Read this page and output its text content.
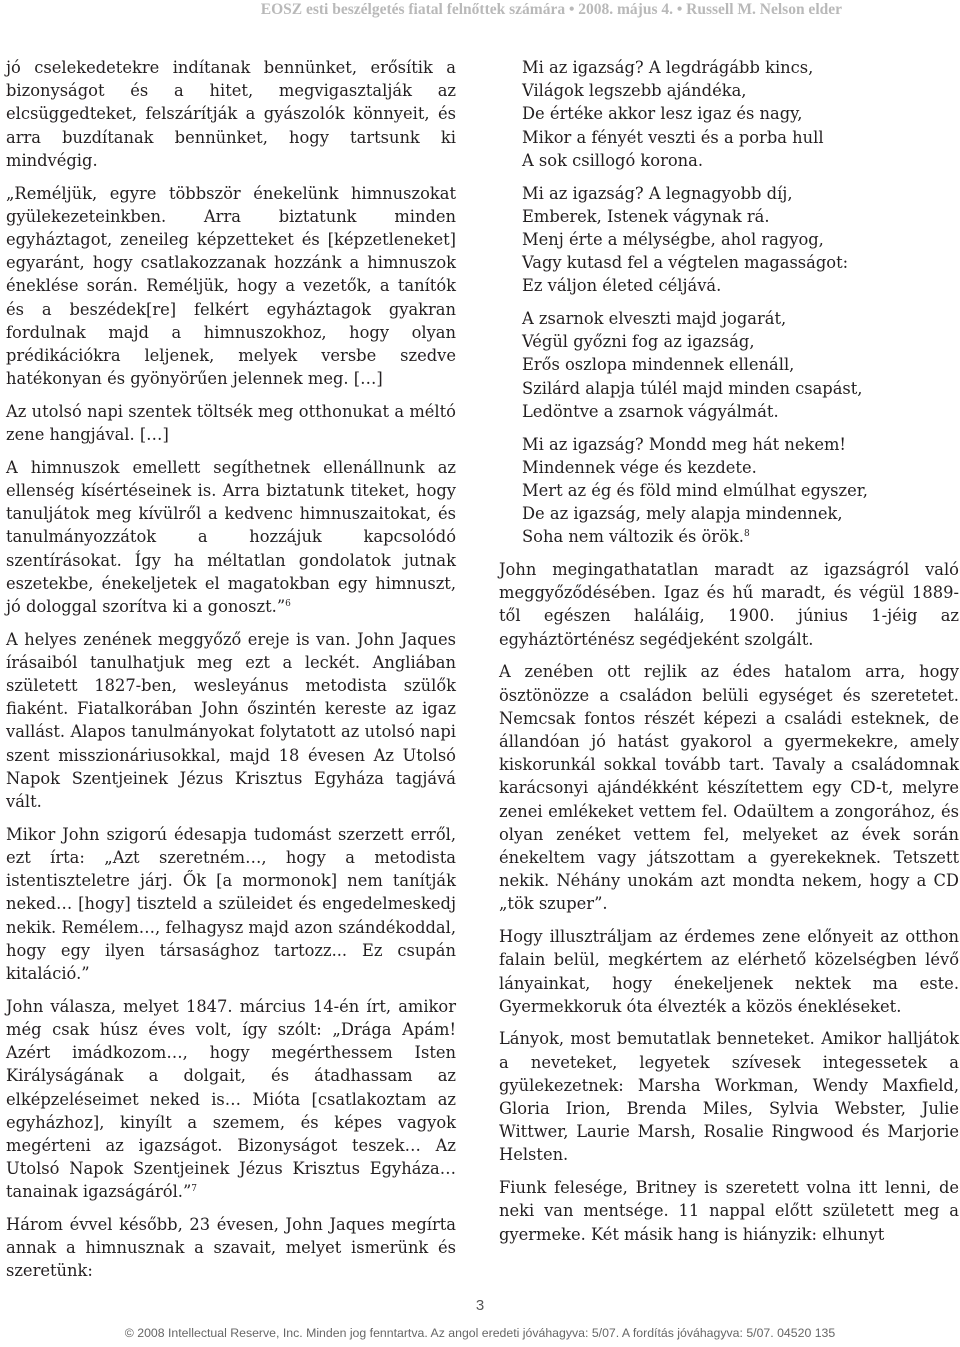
EOSZ esti beszélgetés fiatal felnőttek számára • 2008. május 4. • Russell M. Nelson elder

jó cselekedetekre indítanak bennünket, erősítik a bizonyságot és a hitet, megvigasztalják az elcsüggedteket, felszárítják a gyászolók könnyeit, és arra buzdítanak bennünket, hogy tartsunk ki mindvégig.

„Reméljük, egyre többször énekelünk himnuszokat gyülekezeteinkben. Arra biztatunk minden egyháztagot, zeneileg képzetteket és [képzetleneket] egyaránt, hogy csatlakozzanak hozzánk a himnuszok éneklése során. Reméljük, hogy a vezetők, a tanítók és a beszédek[re] felkért egyháztagok gyakran fordulnak majd a himnuszokhoz, hogy olyan prédikációkra leljenek, melyek versbe szedve hatékonyan és gyönyörűen jelennek meg. […]

Az utolsó napi szentek töltsék meg otthonukat a méltó zene hangjával. […]

A himnuszok emellett segíthetnek ellenállnunk az ellenség kísértéseinek is. Arra biztatunk titeket, hogy tanuljátok meg kívülről a kedvenc himnuszaitokat, és tanulmányozzátok a hozzájuk kapcsolódó szentírásokat. Így ha méltatlan gondolatok jutnak eszetekbe, énekeljetek el magatokban egy himnuszt, jó dologgal szorítva ki a gonoszt.”$^6$

A helyes zenének meggyőző ereje is van. John Jaques írásaiból tanulhatjuk meg ezt a leckét. Angliában született 1827-ben, wesleyánus metodista szülők fiaként. Fiatalkorában John őszintén kereste az igaz vallást. Alapos tanulmányokat folytatott az utolsó napi szent misszionáriusokkal, majd 18 évesen Az Utolsó Napok Szentjeinek Jézus Krisztus Egyháza tagjává vált.

Mikor John szigorú édesapja tudomást szerzett erről, ezt írta: „Azt szeretném…, hogy a metodista istentiszteletre járj. Ők [a mormonok] nem tanítják neked… [hogy] tiszteld a szüleidet és engedelmeskedj nekik. Remélem…, felhagysz majd azon szándékoddal, hogy egy ilyen társasághoz tartozz... Ez csupán kitaláció.”

John válasza, melyet 1847. március 14-én írt, amikor még csak húsz éves volt, így szólt: „Drága Apám! Azért imádkozom…, hogy megérthessem Isten Királyságának a dolgait, és átadhassam az elképzeléseimet neked is… Mióta [csatlakoztam az egyházhoz], kinyílt a szemem, és képes vagyok megérteni az igazságot. Bizonyságot teszek… Az Utolsó Napok Szentjeinek Jézus Krisztus Egyháza… tanainak igazságáról.”$^7$

Három évvel később, 23 évesen, John Jaques megírta annak a himnusznak a szavait, melyet ismerünk és szeretünk:

Mi az igazság? A legdrágább kincs,
Világok legszebb ajándéka,
De értéke akkor lesz igaz és nagy,
Mikor a fényét veszti és a porba hull
A sok csillogó korona.
Mi az igazság? A legnagyobb díj,
Emberek, Istenek vágynak rá.
Menj érte a mélységbe, ahol ragyog,
Vagy kutasd fel a végtelen magasságot:
Ez váljon életed céljává.
A zsarnok elveszti majd jogarát,
Végül győzni fog az igazság,
Erős oszlopa mindennek ellenáll,
Szilárd alapja túlél majd minden csapást,
Ledöntve a zsarnok vágyálmát.
Mi az igazság? Mondd meg hát nekem!
Mindennek vége és kezdete.
Mert az ég és föld mind elmúlhat egyszer,
De az igazság, mely alapja mindennek,
Soha nem változik és örök.$^8$

John megingathatatlan maradt az igazságról való meggyőződésében. Igaz és hű maradt, és végül 1889-től egészen haláláig, 1900. június 1-jéig az egyháztörténész segédjeként szolgált.

A zenében ott rejlik az édes hatalom arra, hogy ösztönözze a családon belüli egységet és szeretetet. Nemcsak fontos részét képezi a családi esteknek, de állandóan jó hatást gyakorol a gyermekekre, amely kiskorunkál sokkal tovább tart. Tavaly a családomnak karácsonyi ajándékként készítettem egy CD-t, melyre zenei emlékeket vettem fel. Odaültem a zongorához, és olyan zenéket vettem fel, melyeket az évek során énekeltem vagy játszottam a gyerekeknek. Tetszett nekik. Néhány unokám azt mondta nekem, hogy a CD „tök szuper”.

Hogy illusztráljam az érdemes zene előnyeit az otthon falain belül, megkértem az elérhető közelségben lévő lányainkat, hogy énekeljenek nektek ma este. Gyermekkoruk óta élvezték a közös énekléseket.

Lányok, most bemutatlak benneteket. Amikor halljátok a neveteket, legyetek szívesek integessetek a gyülekezetnek: Marsha Workman, Wendy Maxfield, Gloria Irion, Brenda Miles, Sylvia Webster, Julie Wittwer, Laurie Marsh, Rosalie Ringwood és Marjorie Helsten.

Fiunk felesége, Britney is szeretett volna itt lenni, de neki van mentsége. 11 nappal előtt született meg a gyermeke. Két másik hang is hiányzik: elhunyt

3
© 2008 Intellectual Reserve, Inc. Minden jog fenntartva. Az angol eredeti jóváhagyva: 5/07. A fordítás jóváhagyva: 5/07. 04520 135
